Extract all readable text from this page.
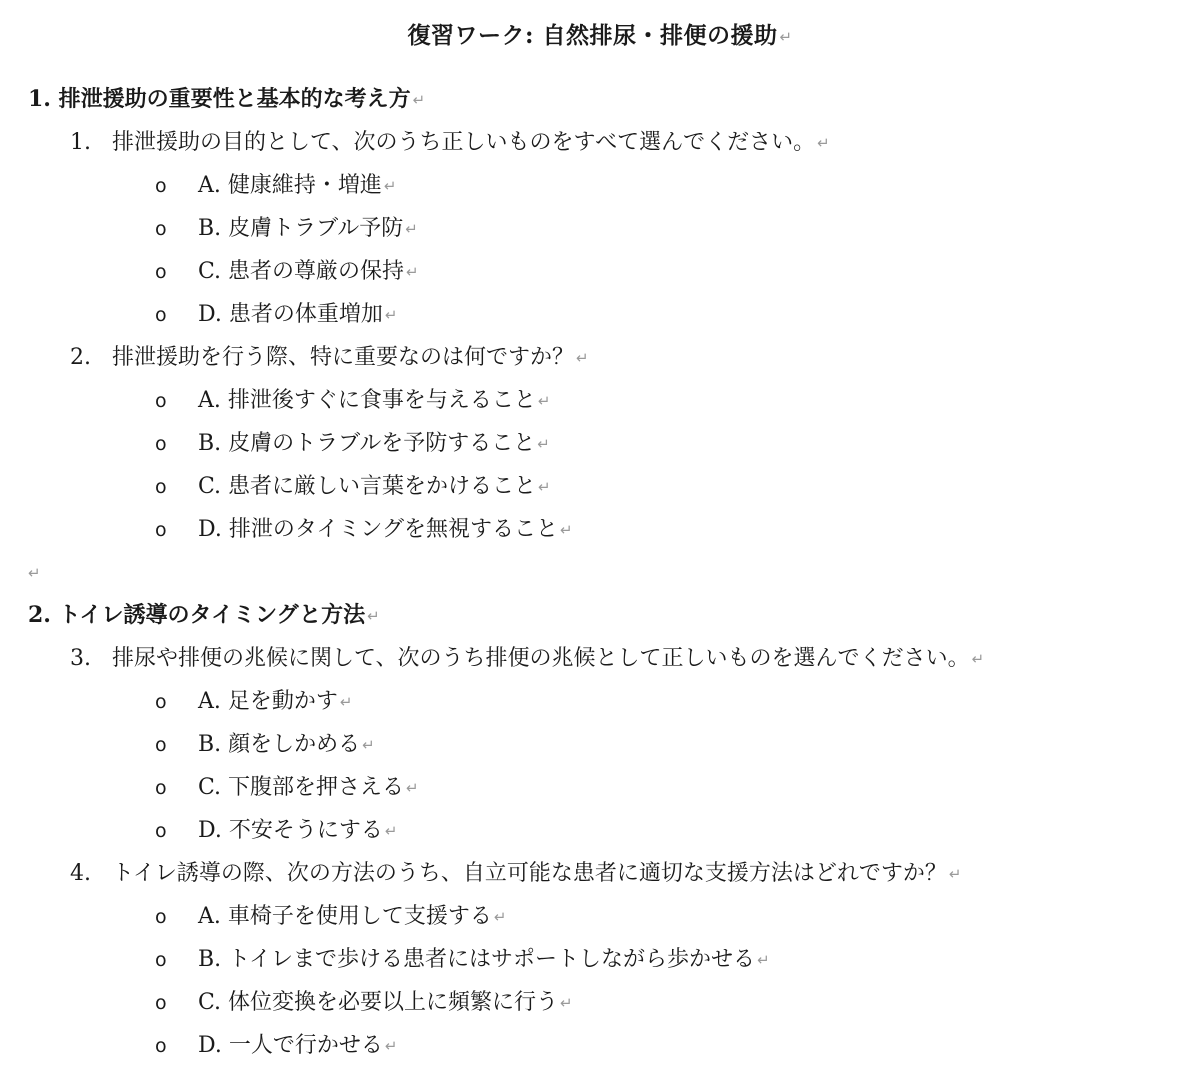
復習ワーク: 自然排尿・排便の援助 ↵
1. 排泄援助の重要性と基本的な考え方 ↵
1. 排泄援助の目的として、次のうち正しいものをすべて選んでください。 ↵
o A. 健康維持・増進 ↵
o B. 皮膚トラブル予防 ↵
o C. 患者の尊厳の保持 ↵
o D. 患者の体重増加 ↵
2. 排泄援助を行う際、特に重要なのは何ですか？ ↵
o A. 排泄後すぐに食事を与えること ↵
o B. 皮膚のトラブルを予防すること ↵
o C. 患者に厳しい言葉をかけること ↵
o D. 排泄のタイミングを無視すること ↵
↵
2. トイレ誘導のタイミングと方法 ↵
3. 排尿や排便の兆候に関して、次のうち排便の兆候として正しいものを選んでください。 ↵
o A. 足を動かす ↵
o B. 顔をしかめる ↵
o C. 下腹部を押さえる ↵
o D. 不安そうにする ↵
4. トイレ誘導の際、次の方法のうち、自立可能な患者に適切な支援方法はどれですか？ ↵
o A. 車椅子を使用して支援する ↵
o B. トイレまで歩ける患者にはサポートしながら歩かせる ↵
o C. 体位変換を必要以上に頻繁に行う ↵
o D. 一人で行かせる ↵
